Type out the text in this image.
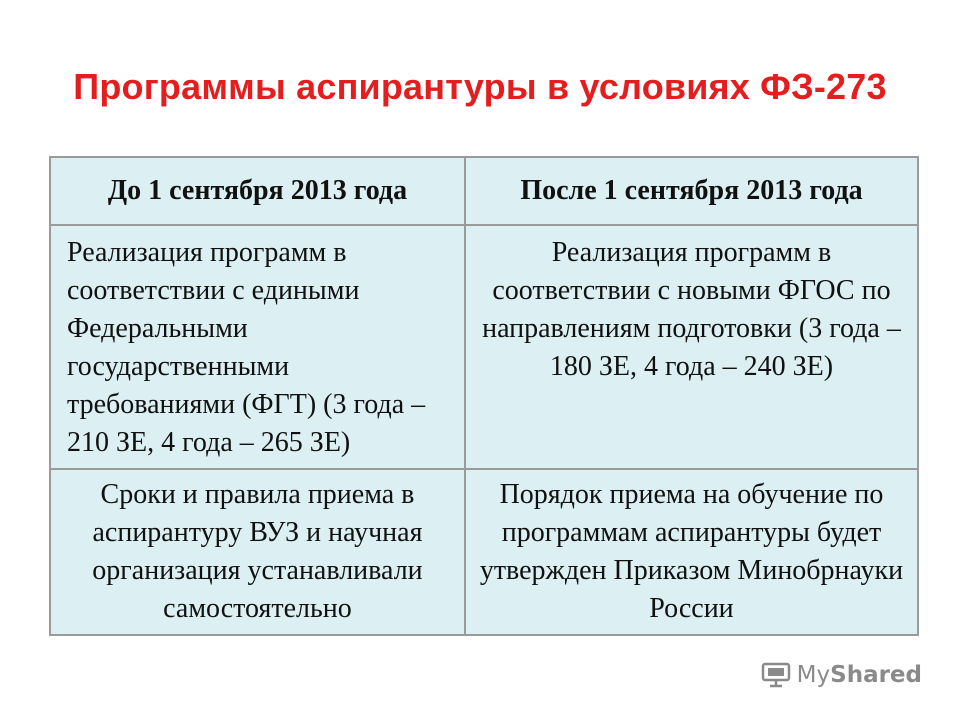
Программы аспирантуры в условиях ФЗ-273
До 1 сентября 2013 года	После 1 сентября 2013 года
Реализация программ в соответствии с едиными Федеральными государственными требованиями (ФГТ) (3 года – 210 ЗЕ, 4 года – 265 ЗЕ)	Реализация программ в соответствии с новыми ФГОС по направлениям подготовки (3 года – 180 ЗЕ, 4 года – 240 ЗЕ)
Сроки и правила приема в аспирантуру ВУЗ и научная организация устанавливали самостоятельно	Порядок приема на обучение по программам аспирантуры будет утвержден Приказом Минобрнауки России
MyShared
